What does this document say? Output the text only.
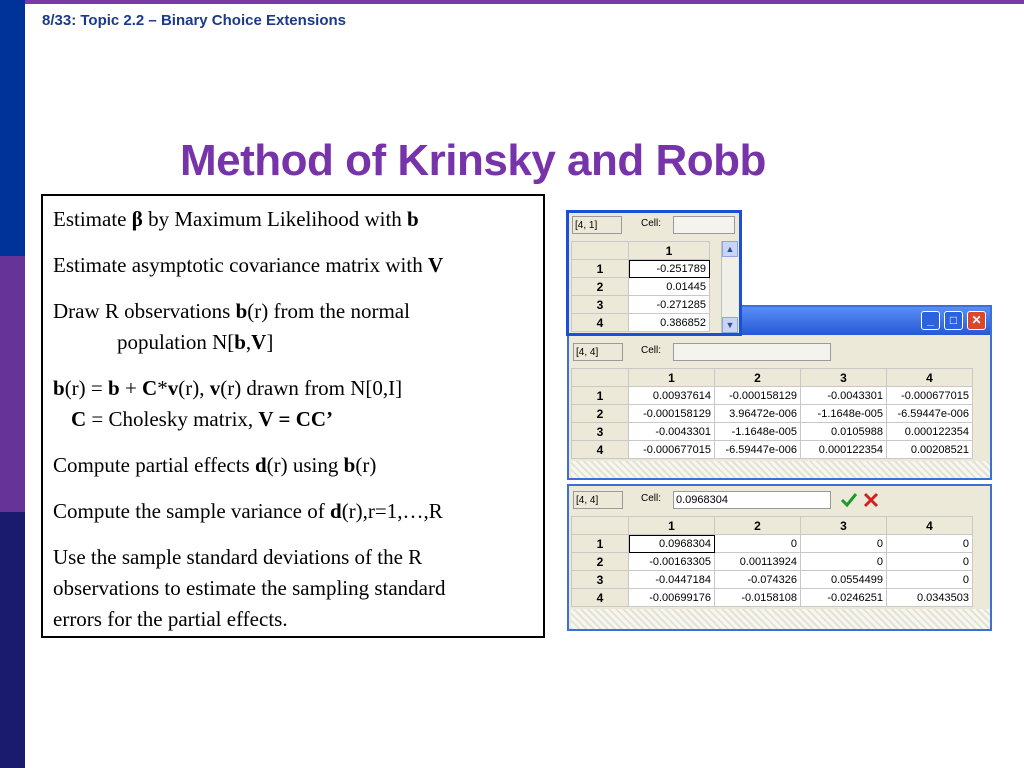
8/33: Topic 2.2 – Binary Choice Extensions
Method of Krinsky and Robb

Estimate β by Maximum Likelihood with b

Estimate asymptotic covariance matrix with V

Draw R observations b(r) from the normal
population N[b,V]

b(r) = b + C*v(r), v(r) drawn from N[0,I]
C = Cholesky matrix, V = CC’

Compute partial effects d(r) using b(r)

Compute the sample variance of d(r),r=1,…,R

Use the sample standard deviations of the R
observations to estimate the sampling standard
errors for the partial effects.

_	□	✕
[4, 4]	Cell:
	1	2	3	4
1	0.00937614	-0.000158129	-0.0043301	-0.000677015
2	-0.000158129	3.96472e-006	-1.1648e-005	-6.59447e-006
3	-0.0043301	-1.1648e-005	0.0105988	0.000122354
4	-0.000677015	-6.59447e-006	0.000122354	0.00208521
[4, 4]	Cell: 0.0968304
	1	2	3	4
1	0.0968304	0	0	0
2	-0.00163305	0.00113924	0	0
3	-0.0447184	-0.074326	0.0554499	0
4	-0.00699176	-0.0158108	-0.0246251	0.0343503
[4, 1]	Cell:
	1
1	-0.251789
2	0.01445
3	-0.271285
4	0.386852
▲
▼
